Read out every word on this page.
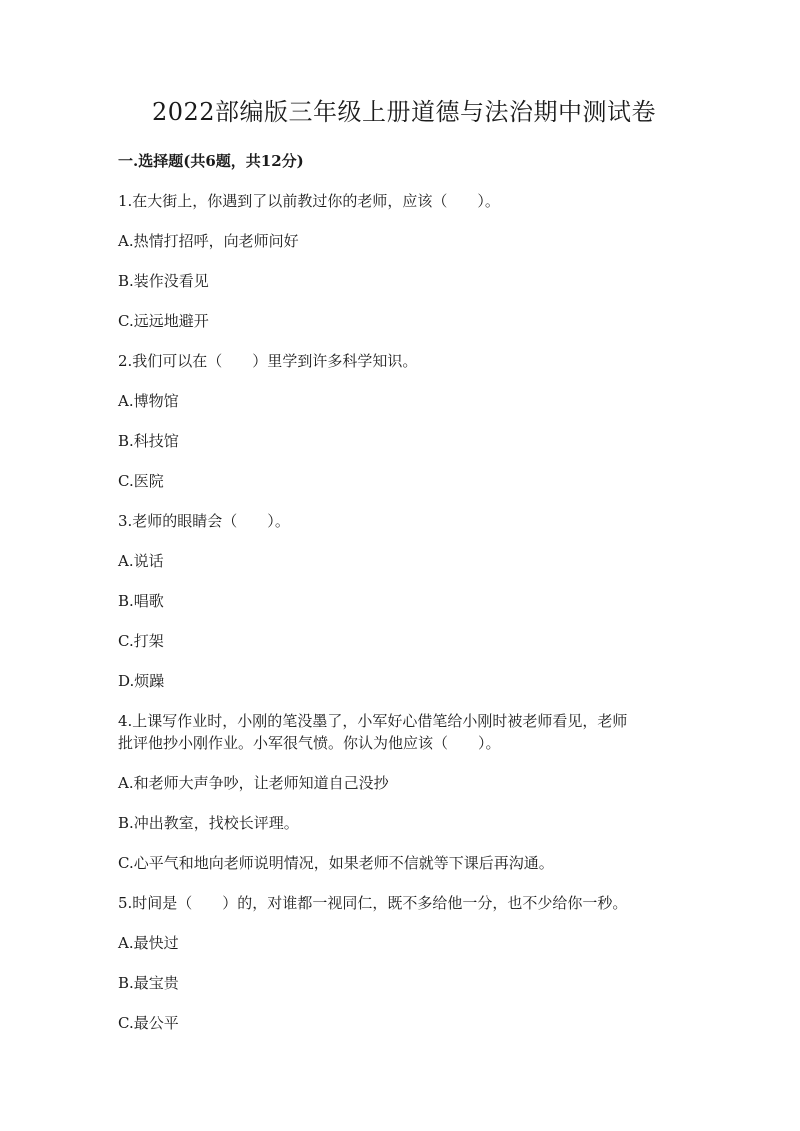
2022部编版三年级上册道德与法治期中测试卷
一.选择题(共6题，共12分)
1.在大街上，你遇到了以前教过你的老师，应该（　　）。
A.热情打招呼，向老师问好
B.装作没看见
C.远远地避开
2.我们可以在（　　）里学到许多科学知识。
A.博物馆
B.科技馆
C.医院
3.老师的眼睛会（　　）。
A.说话
B.唱歌
C.打架
D.烦躁
4.上课写作业时，小刚的笔没墨了，小军好心借笔给小刚时被老师看见，老师
批评他抄小刚作业。小军很气愤。你认为他应该（　　）。
A.和老师大声争吵，让老师知道自己没抄
B.冲出教室，找校长评理。
C.心平气和地向老师说明情况，如果老师不信就等下课后再沟通。
5.时间是（　　）的，对谁都一视同仁，既不多给他一分，也不少给你一秒。
A.最快过
B.最宝贵
C.最公平
